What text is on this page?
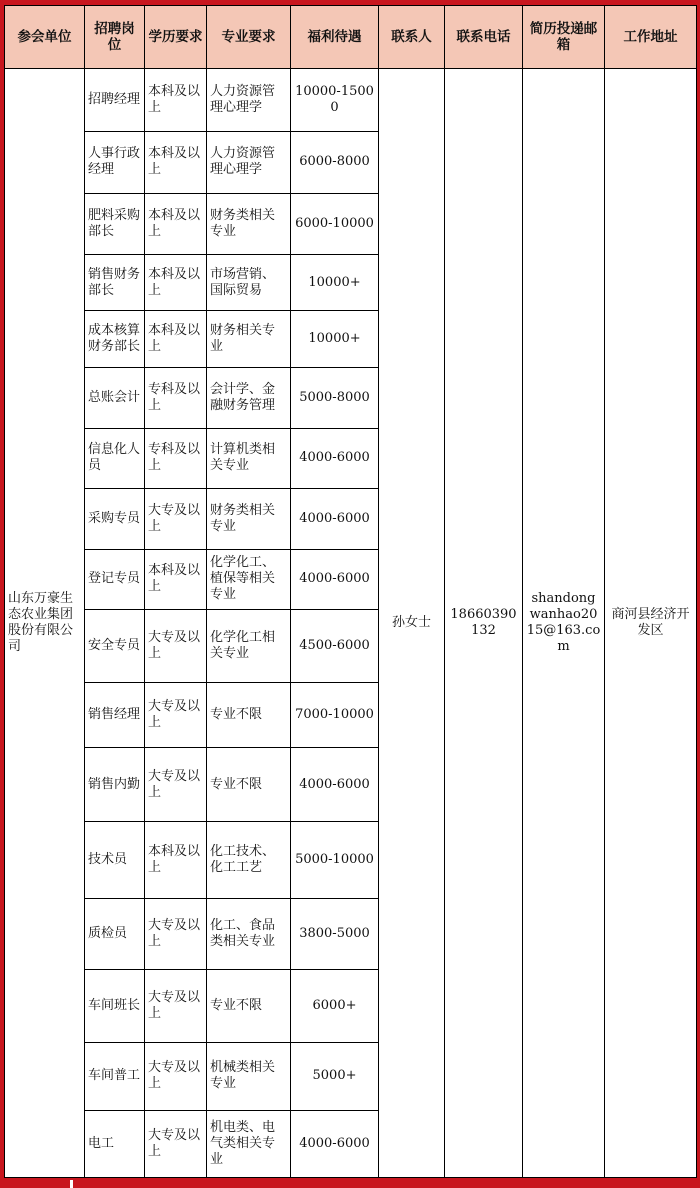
参会单位	招聘岗位	学历要求	专业要求	福利待遇	联系人	联系电话	简历投递邮箱	工作地址
山东万豪生态农业集团股份有限公司	招聘经理	本科及以上	人力资源管理心理学	10000-15000	孙女士	18660390132	shandongwanhao2015@163.com	商河县经济开发区
	人事行政经理	本科及以上	人力资源管理心理学	6000-8000				
	肥料采购部长	本科及以上	财务类相关专业	6000-10000				
	销售财务部长	本科及以上	市场营销、国际贸易	10000+				
	成本核算财务部长	本科及以上	财务相关专业	10000+				
	总账会计	专科及以上	会计学、金融财务管理	5000-8000				
	信息化人员	专科及以上	计算机类相关专业	4000-6000				
	采购专员	大专及以上	财务类相关专业	4000-6000				
	登记专员	本科及以上	化学化工、植保等相关专业	4000-6000				
	安全专员	大专及以上	化学化工相关专业	4500-6000				
	销售经理	大专及以上	专业不限	7000-10000				
	销售内勤	大专及以上	专业不限	4000-6000				
	技术员	本科及以上	化工技术、化工工艺	5000-10000				
	质检员	大专及以上	化工、食品类相关专业	3800-5000				
	车间班长	大专及以上	专业不限	6000+				
	车间普工	大专及以上	机械类相关专业	5000+				
	电工	大专及以上	机电类、电气类相关专业	4000-6000				
